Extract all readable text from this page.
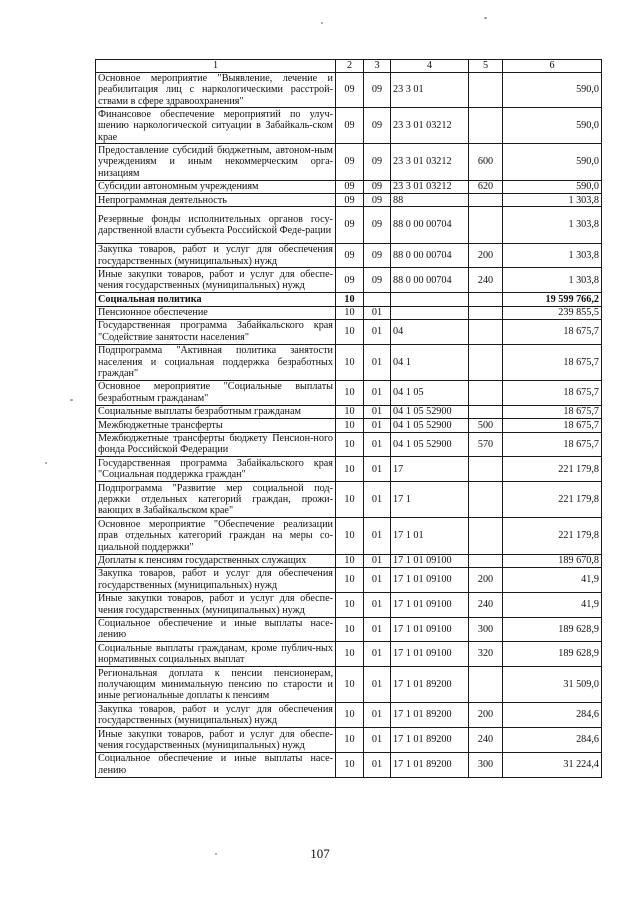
1	2	3	4	5	6
Основное мероприятие "Выявление, лечение и реабилитация лиц с наркологическими расстрой-ствами в сфере здравоохранения"	09	09	23 3 01		590,0
Финансовое обеспечение мероприятий по улуч-шению наркологической ситуации в Забайкаль-ском крае	09	09	23 3 01 03212		590,0
Предоставление субсидий бюджетным, автоном-ным учреждениям и иным некоммерческим орга-низациям	09	09	23 3 01 03212	600	590,0
Субсидии автономным учреждениям	09	09	23 3 01 03212	620	590,0
Непрограммная деятельность	09	09	88		1 303,8
Резервные фонды исполнительных органов госу-дарственной власти субъекта Российской Феде-рации	09	09	88 0 00 00704		1 303,8
Закупка товаров, работ и услуг для обеспечения государственных (муниципальных) нужд	09	09	88 0 00 00704	200	1 303,8
Иные закупки товаров, работ и услуг для обеспе-чения государственных (муниципальных) нужд	09	09	88 0 00 00704	240	1 303,8
Социальная политика	10				19 599 766,2
Пенсионное обеспечение	10	01			239 855,5
Государственная программа Забайкальского края "Содействие занятости населения"	10	01	04		18 675,7
Подпрограмма "Активная политика занятости населения и социальная поддержка безработных граждан"	10	01	04 1		18 675,7
Основное мероприятие "Социальные выплаты безработным гражданам"	10	01	04 1 05		18 675,7
Социальные выплаты безработным гражданам	10	01	04 1 05 52900		18 675,7
Межбюджетные трансферты	10	01	04 1 05 52900	500	18 675,7
Межбюджетные трансферты бюджету Пенсион-ного фонда Российской Федерации	10	01	04 1 05 52900	570	18 675,7
Государственная программа Забайкальского края "Социальная поддержка граждан"	10	01	17		221 179,8
Подпрограмма "Развитие мер социальной под-держки отдельных категорий граждан, прожи-вающих в Забайкальском крае"	10	01	17 1		221 179,8
Основное мероприятие "Обеспечение реализации прав отдельных категорий граждан на меры со-циальной поддержки"	10	01	17 1 01		221 179,8
Доплаты к пенсиям государственных служащих	10	01	17 1 01 09100		189 670,8
Закупка товаров, работ и услуг для обеспечения государственных (муниципальных) нужд	10	01	17 1 01 09100	200	41,9
Иные закупки товаров, работ и услуг для обеспе-чения государственных (муниципальных) нужд	10	01	17 1 01 09100	240	41,9
Социальное обеспечение и иные выплаты насе-лению	10	01	17 1 01 09100	300	189 628,9
Социальные выплаты гражданам, кроме публич-ных нормативных социальных выплат	10	01	17 1 01 09100	320	189 628,9
Региональная доплата к пенсии пенсионерам, получающим минимальную пенсию по старости и иные региональные доплаты к пенсиям	10	01	17 1 01 89200		31 509,0
Закупка товаров, работ и услуг для обеспечения государственных (муниципальных) нужд	10	01	17 1 01 89200	200	284,6
Иные закупки товаров, работ и услуг для обеспе-чения государственных (муниципальных) нужд	10	01	17 1 01 89200	240	284,6
Социальное обеспечение и иные выплаты насе-лению	10	01	17 1 01 89200	300	31 224,4
107
